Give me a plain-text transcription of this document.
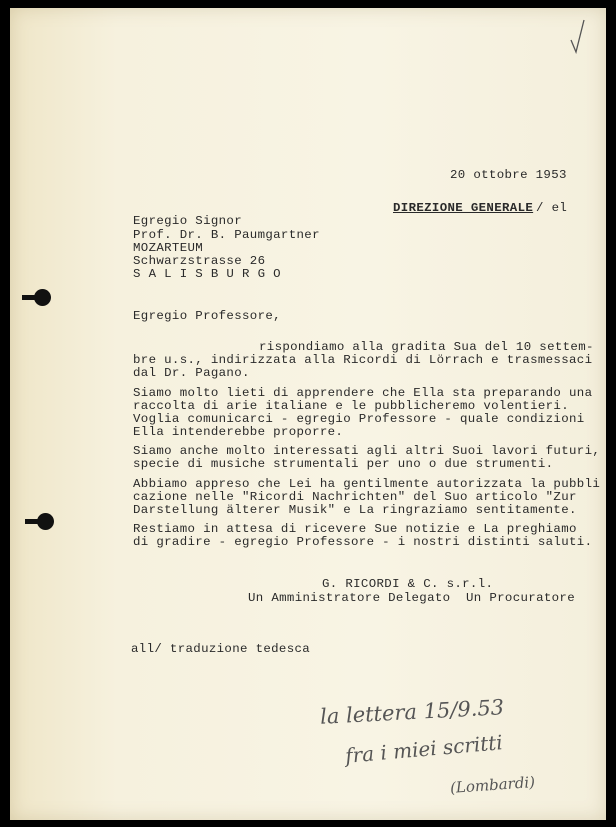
20 ottobre 1953
DIREZIONE GENERALE / el
Egregio Signor
Prof. Dr. B. Paumgartner
MOZARTEUM
Schwarzstrasse 26
S A L I S B U R G O
Egregio Professore,
rispondiamo alla gradita Sua del 10 settem-
bre u.s., indirizzata alla Ricordi di Lörrach e trasmessaci
dal Dr. Pagano.
Siamo molto lieti di apprendere che Ella sta preparando una
raccolta di arie italiane e le pubblicheremo volentieri.
Voglia comunicarci - egregio Professore - quale condizioni
Ella intenderebbe proporre.
Siamo anche molto interessati agli altri Suoi lavori futuri,
specie di musiche strumentali per uno o due strumenti.
Abbiamo appreso che Lei ha gentilmente autorizzata la pubbli
cazione nelle "Ricordi Nachrichten" del Suo articolo "Zur
Darstellung älterer Musik" e La ringraziamo sentitamente.
Restiamo in attesa di ricevere Sue notizie e La preghiamo
di gradire - egregio Professore - i nostri distinti saluti.
G. RICORDI & C. s.r.l.
Un Amministratore Delegato  Un Procuratore
all/ traduzione tedesca
la lettera 15/9.53
fra i miei scritti
(Lombardi)
